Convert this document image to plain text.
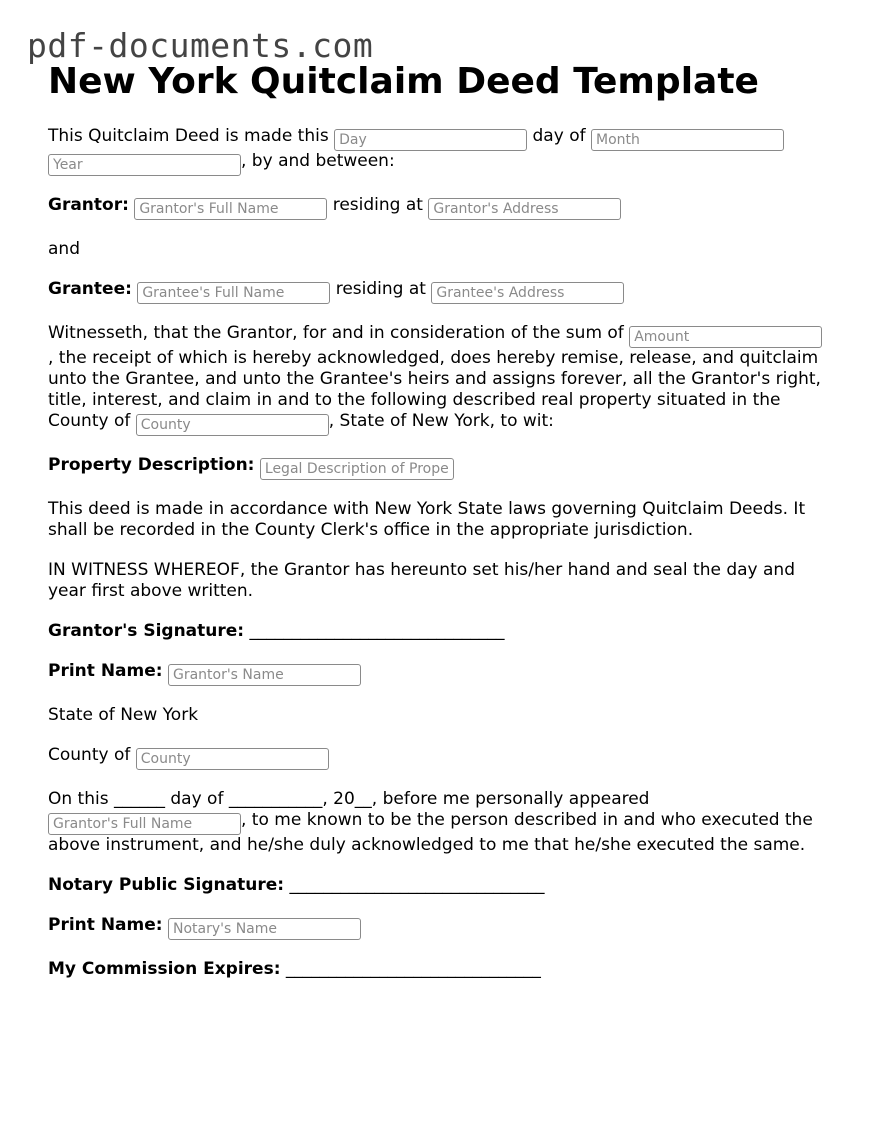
pdf-documents.com
New York Quitclaim Deed Template

This Quitclaim Deed is made this Day	day of Month
Year, by and between:

Grantor: Grantor's Full Name	residing at Grantor's Address

and

Grantee: Grantee's Full Name	residing at Grantee's Address

Witnesseth, that the Grantor, for and in consideration of the sum of Amount
, the receipt of which is hereby acknowledged, does hereby remise, release, and quitclaim unto the Grantee, and unto the Grantee's heirs and assigns forever, all the Grantor's right, title, interest, and claim in and to the following described real property situated in the County of County	, State of New York, to wit:

Property Description: Legal Description of Property

This deed is made in accordance with New York State laws governing Quitclaim Deeds. It shall be recorded in the County Clerk's office in the appropriate jurisdiction.

IN WITNESS WHEREOF, the Grantor has hereunto set his/her hand and seal the day and year first above written.

Grantor's Signature: ______________________________

Print Name: Grantor's Name

State of New York

County of County

On this ______ day of ___________, 20__, before me personally appeared
Grantor's Full Name, to me known to be the person described in and who executed the above instrument, and he/she duly acknowledged to me that he/she executed the same.

Notary Public Signature: ______________________________

Print Name: Notary's Name

My Commission Expires: ______________________________
